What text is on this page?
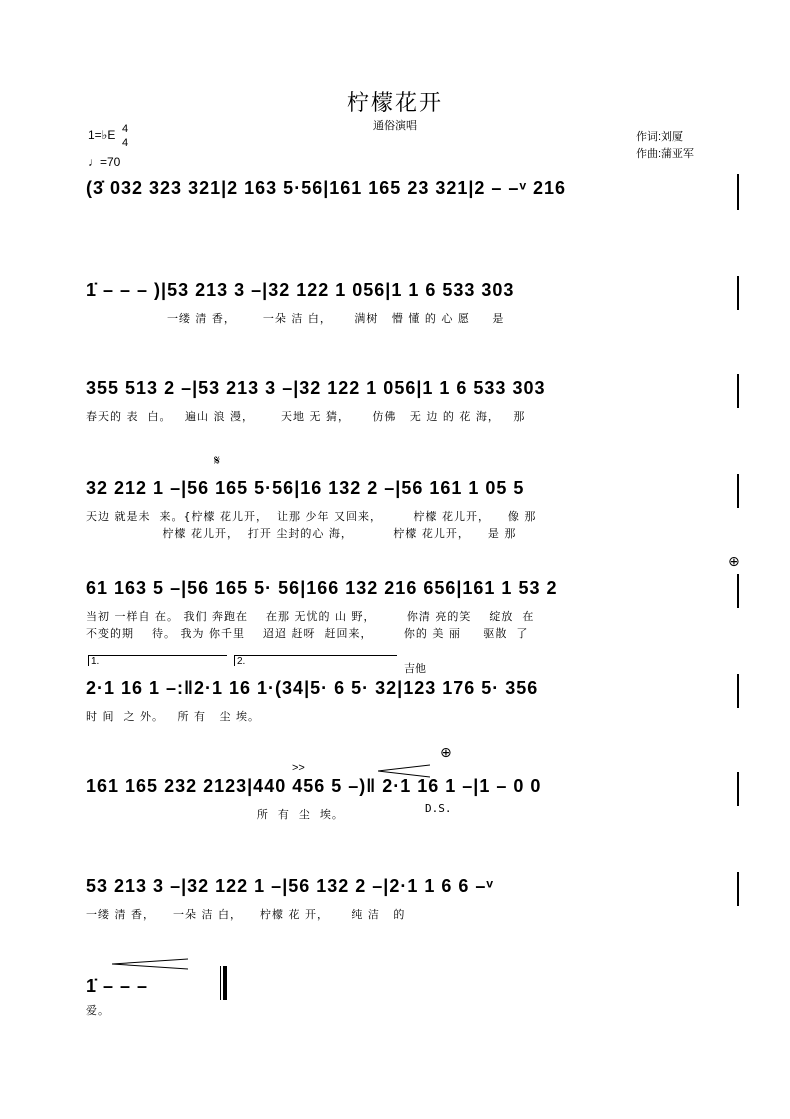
柠檬花开
通俗演唱
作词:刘厦
作曲:蒲亚军
1=♭E 4
4
♩=70
(3̇ 032 323 321|2 163 5·56|161 165 23 321|2 – –ᵛ 216
1̇ – – – )|53 213 3 –|32 122 1 056|1 1 6 533 303
一缕 清 香，      一朵 洁 白，     满树   懵 懂 的 心 愿     是
355 513 2 –|53 213 3 –|32 122 1 056|1 1 6 533 303
春天的 表  白。   遍山 浪 漫，      天地 无 猜，     仿佛   无 边 的 花 海，   那
𝄋
32 212 1 –|56 165 5·56|16 132 2 –|56 161 1 05 5
天边 就是未  来。{柠檬 花儿开，  让那 少年 又回来，       柠檬 花儿开，    像 那
柠檬 花儿开，  打开 尘封的心 海，         柠檬 花儿开，    是 那
⊕
61 163 5 –|56 165 5· 56|166 132 216 656|161 1 53 2
当初 一样自 在。 我们 奔跑在    在那 无忧的 山 野，       你清 亮的笑    绽放  在
不变的期    待。 我为 你千里    迢迢 赶呀  赶回来，       你的 美 丽     驱散  了
1.	2.
吉他
2·1 16 1 –:‖2·1 16 1·(34|5· 6 5· 32|123 176 5· 356
时 间  之 外。   所 有   尘 埃。
⊕
>>
161 165 232 2123|440 456 5 –)‖ 2·1 16 1 –|1 – 0 0
所  有  尘  埃。	D.S.
53 213 3 –|32 122 1 –|56 132 2 –|2·1 1 6 6 –ᵛ
一缕 清 香，    一朵 洁 白，    柠檬 花 开，     纯 洁   的
1̇ – – –
爱。
